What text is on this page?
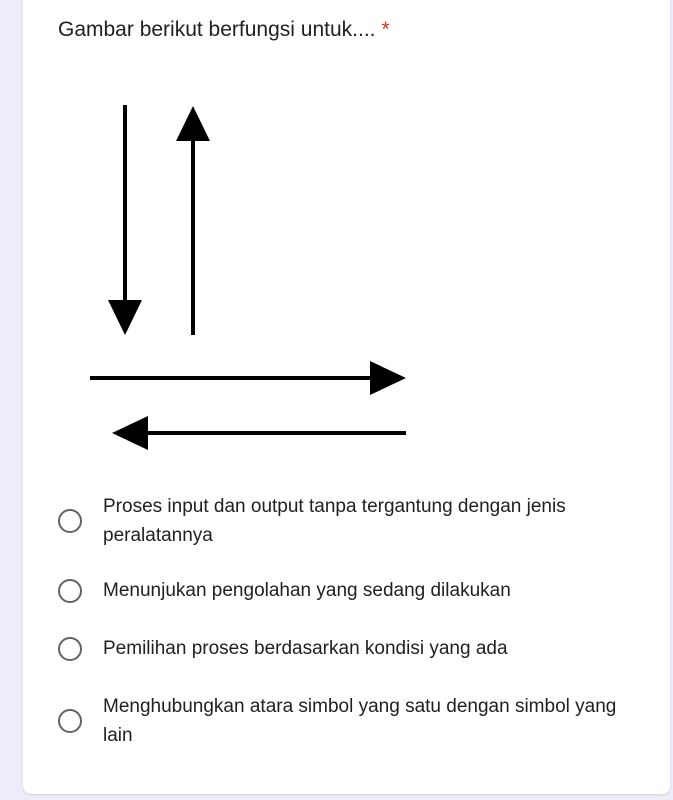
Gambar berikut berfungsi untuk.... *
Proses input dan output tanpa tergantung dengan jenis peralatannya
Menunjukan pengolahan yang sedang dilakukan
Pemilihan proses berdasarkan kondisi yang ada
Menghubungkan atara simbol yang satu dengan simbol yang lain
